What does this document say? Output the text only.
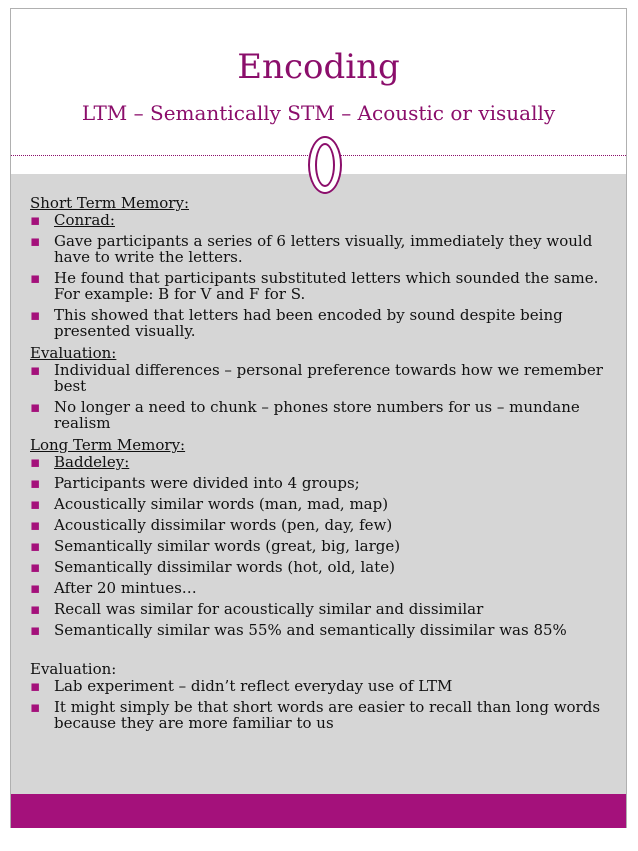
Encoding
LTM – Semantically STM – Acoustic or visually

Short Term Memory:

▪ Conrad:
▪ Gave participants a series of 6 letters visually, immediately they would have to write the letters.
▪ He found that participants substituted letters which sounded the same. For example: B for V and F for S.
▪ This showed that letters had been encoded by sound despite being presented visually.

Evaluation:

▪ Individual differences – personal preference towards how we remember best
▪ No longer a need to chunk – phones store numbers for us – mundane realism

Long Term Memory:

▪ Baddeley:
▪ Participants were divided into 4 groups;
▪ Acoustically similar words (man, mad, map)
▪ Acoustically dissimilar words (pen, day, few)
▪ Semantically similar words (great, big, large)
▪ Semantically dissimilar words (hot, old, late)
▪ After 20 mintues…
▪ Recall was similar for acoustically similar and dissimilar
▪ Semantically similar was 55% and semantically dissimilar was 85%

Evaluation:

▪ Lab experiment – didn’t reflect everyday use of LTM
▪ It might simply be that short words are easier to recall than long words because they are more familiar to us
